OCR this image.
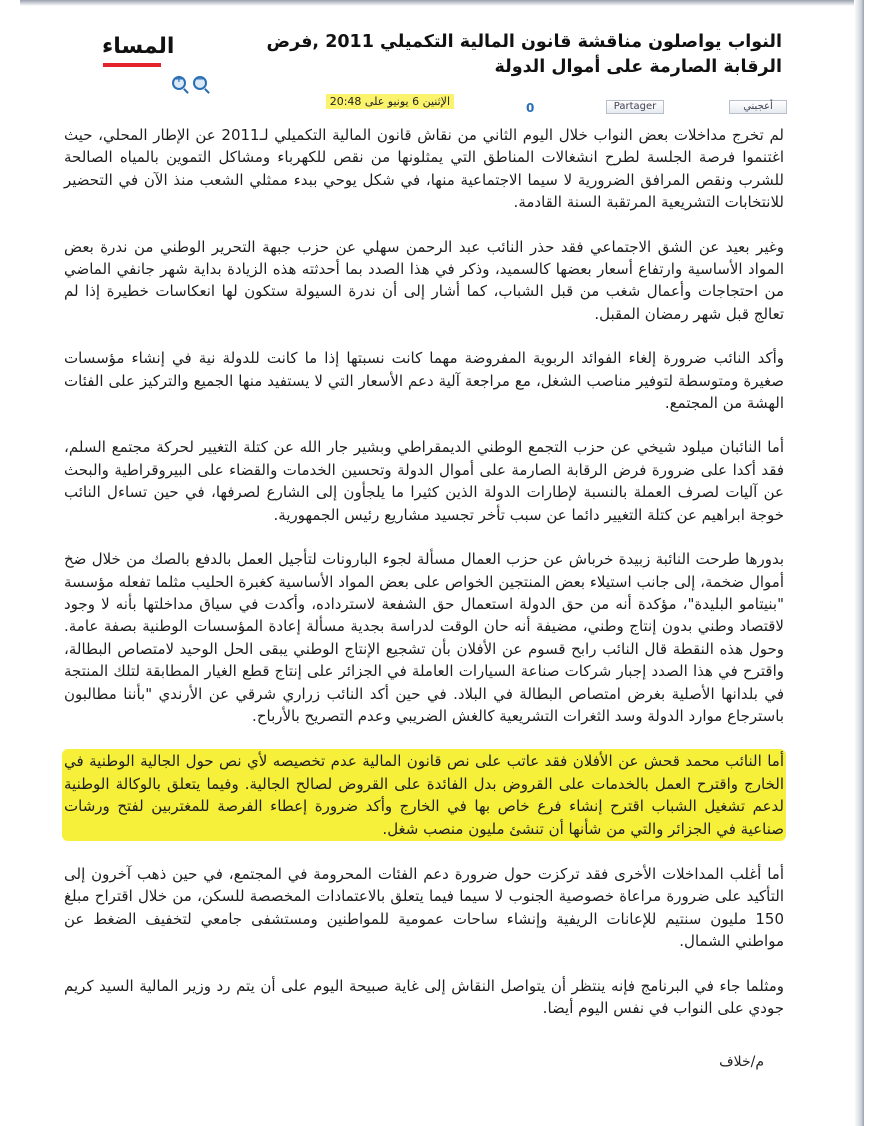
المساء
+ −
النواب يواصلون مناقشة قانون المالية التكميلي 2011 ,فرض الرقابة الصارمة على أموال الدولة
الإثنين 6 يونيو على 20:48	0	Partager	أعجبني

لم تخرج مداخلات بعض النواب خلال اليوم الثاني من نقاش قانون المالية التكميلي لـ2011 عن الإطار المحلي، حيث اغتنموا فرصة الجلسة لطرح انشغالات المناطق التي يمثلونها من نقص للكهرباء ومشاكل التموين بالمياه الصالحة للشرب ونقص المرافق الضرورية لا سيما الاجتماعية منها، في شكل يوحي ببدء ممثلي الشعب منذ الآن في التحضير للانتخابات التشريعية المرتقبة السنة القادمة.

وغير بعيد عن الشق الاجتماعي فقد حذر النائب عبد الرحمن سهلي عن حزب جبهة التحرير الوطني من ندرة بعض المواد الأساسية وارتفاع أسعار بعضها كالسميد، وذكر في هذا الصدد بما أحدثته هذه الزيادة بداية شهر جانفي الماضي من احتجاجات وأعمال شغب من قبل الشباب، كما أشار إلى أن ندرة السيولة ستكون لها انعكاسات خطيرة إذا لم تعالج قبل شهر رمضان المقبل.

وأكد النائب ضرورة إلغاء الفوائد الربوية المفروضة مهما كانت نسبتها إذا ما كانت للدولة نية في إنشاء مؤسسات صغيرة ومتوسطة لتوفير مناصب الشغل، مع مراجعة آلية دعم الأسعار التي لا يستفيد منها الجميع والتركيز على الفئات الهشة من المجتمع.

أما النائبان ميلود شيخي عن حزب التجمع الوطني الديمقراطي وبشير جار الله عن كتلة التغيير لحركة مجتمع السلم، فقد أكدا على ضرورة فرض الرقابة الصارمة على أموال الدولة وتحسين الخدمات والقضاء على البيروقراطية والبحث عن آليات لصرف العملة بالنسبة لإطارات الدولة الذين كثيرا ما يلجأون إلى الشارع لصرفها، في حين تساءل النائب خوجة ابراهيم عن كتلة التغيير دائما عن سبب تأخر تجسيد مشاريع رئيس الجمهورية.

بدورها طرحت النائبة زبيدة خرباش عن حزب العمال مسألة لجوء البارونات لتأجيل العمل بالدفع بالصك من خلال ضخ أموال ضخمة، إلى جانب استيلاء بعض المنتجين الخواص على بعض المواد الأساسية كغبرة الحليب مثلما تفعله مؤسسة "بنيتامو البليدة"، مؤكدة أنه من حق الدولة استعمال حق الشفعة لاسترداده، وأكدت في سياق مداخلتها بأنه لا وجود لاقتصاد وطني بدون إنتاج وطني، مضيفة أنه حان الوقت لدراسة بجدية مسألة إعادة المؤسسات الوطنية بصفة عامة. وحول هذه النقطة قال النائب رابح قسوم عن الأفلان بأن تشجيع الإنتاج الوطني يبقى الحل الوحيد لامتصاص البطالة، واقترح في هذا الصدد إجبار شركات صناعة السيارات العاملة في الجزائر على إنتاج قطع الغيار المطابقة لتلك المنتجة في بلدانها الأصلية بغرض امتصاص البطالة في البلاد. في حين أكد النائب زراري شرقي عن الأرندي "بأننا مطالبون باسترجاع موارد الدولة وسد الثغرات التشريعية كالغش الضريبي وعدم التصريح بالأرباح.

أما النائب محمد قحش عن الأفلان فقد عاتب على نص قانون المالية عدم تخصيصه لأي نص حول الجالية الوطنية في الخارج واقترح العمل بالخدمات على القروض بدل الفائدة على القروض لصالح الجالية. وفيما يتعلق بالوكالة الوطنية لدعم تشغيل الشباب اقترح إنشاء فرع خاص بها في الخارج وأكد ضرورة إعطاء الفرصة للمغتربين لفتح ورشات صناعية في الجزائر والتي من شأنها أن تنشئ مليون منصب شغل.

أما أغلب المداخلات الأخرى فقد تركزت حول ضرورة دعم الفئات المحرومة في المجتمع، في حين ذهب آخرون إلى التأكيد على ضرورة مراعاة خصوصية الجنوب لا سيما فيما يتعلق بالاعتمادات المخصصة للسكن، من خلال اقتراح مبلغ 150 مليون سنتيم للإعانات الريفية وإنشاء ساحات عمومية للمواطنين ومستشفى جامعي لتخفيف الضغط عن مواطني الشمال.

ومثلما جاء في البرنامج فإنه ينتظر أن يتواصل النقاش إلى غاية صبيحة اليوم على أن يتم رد وزير المالية السيد كريم جودي على النواب في نفس اليوم أيضا.

م/خلاف
